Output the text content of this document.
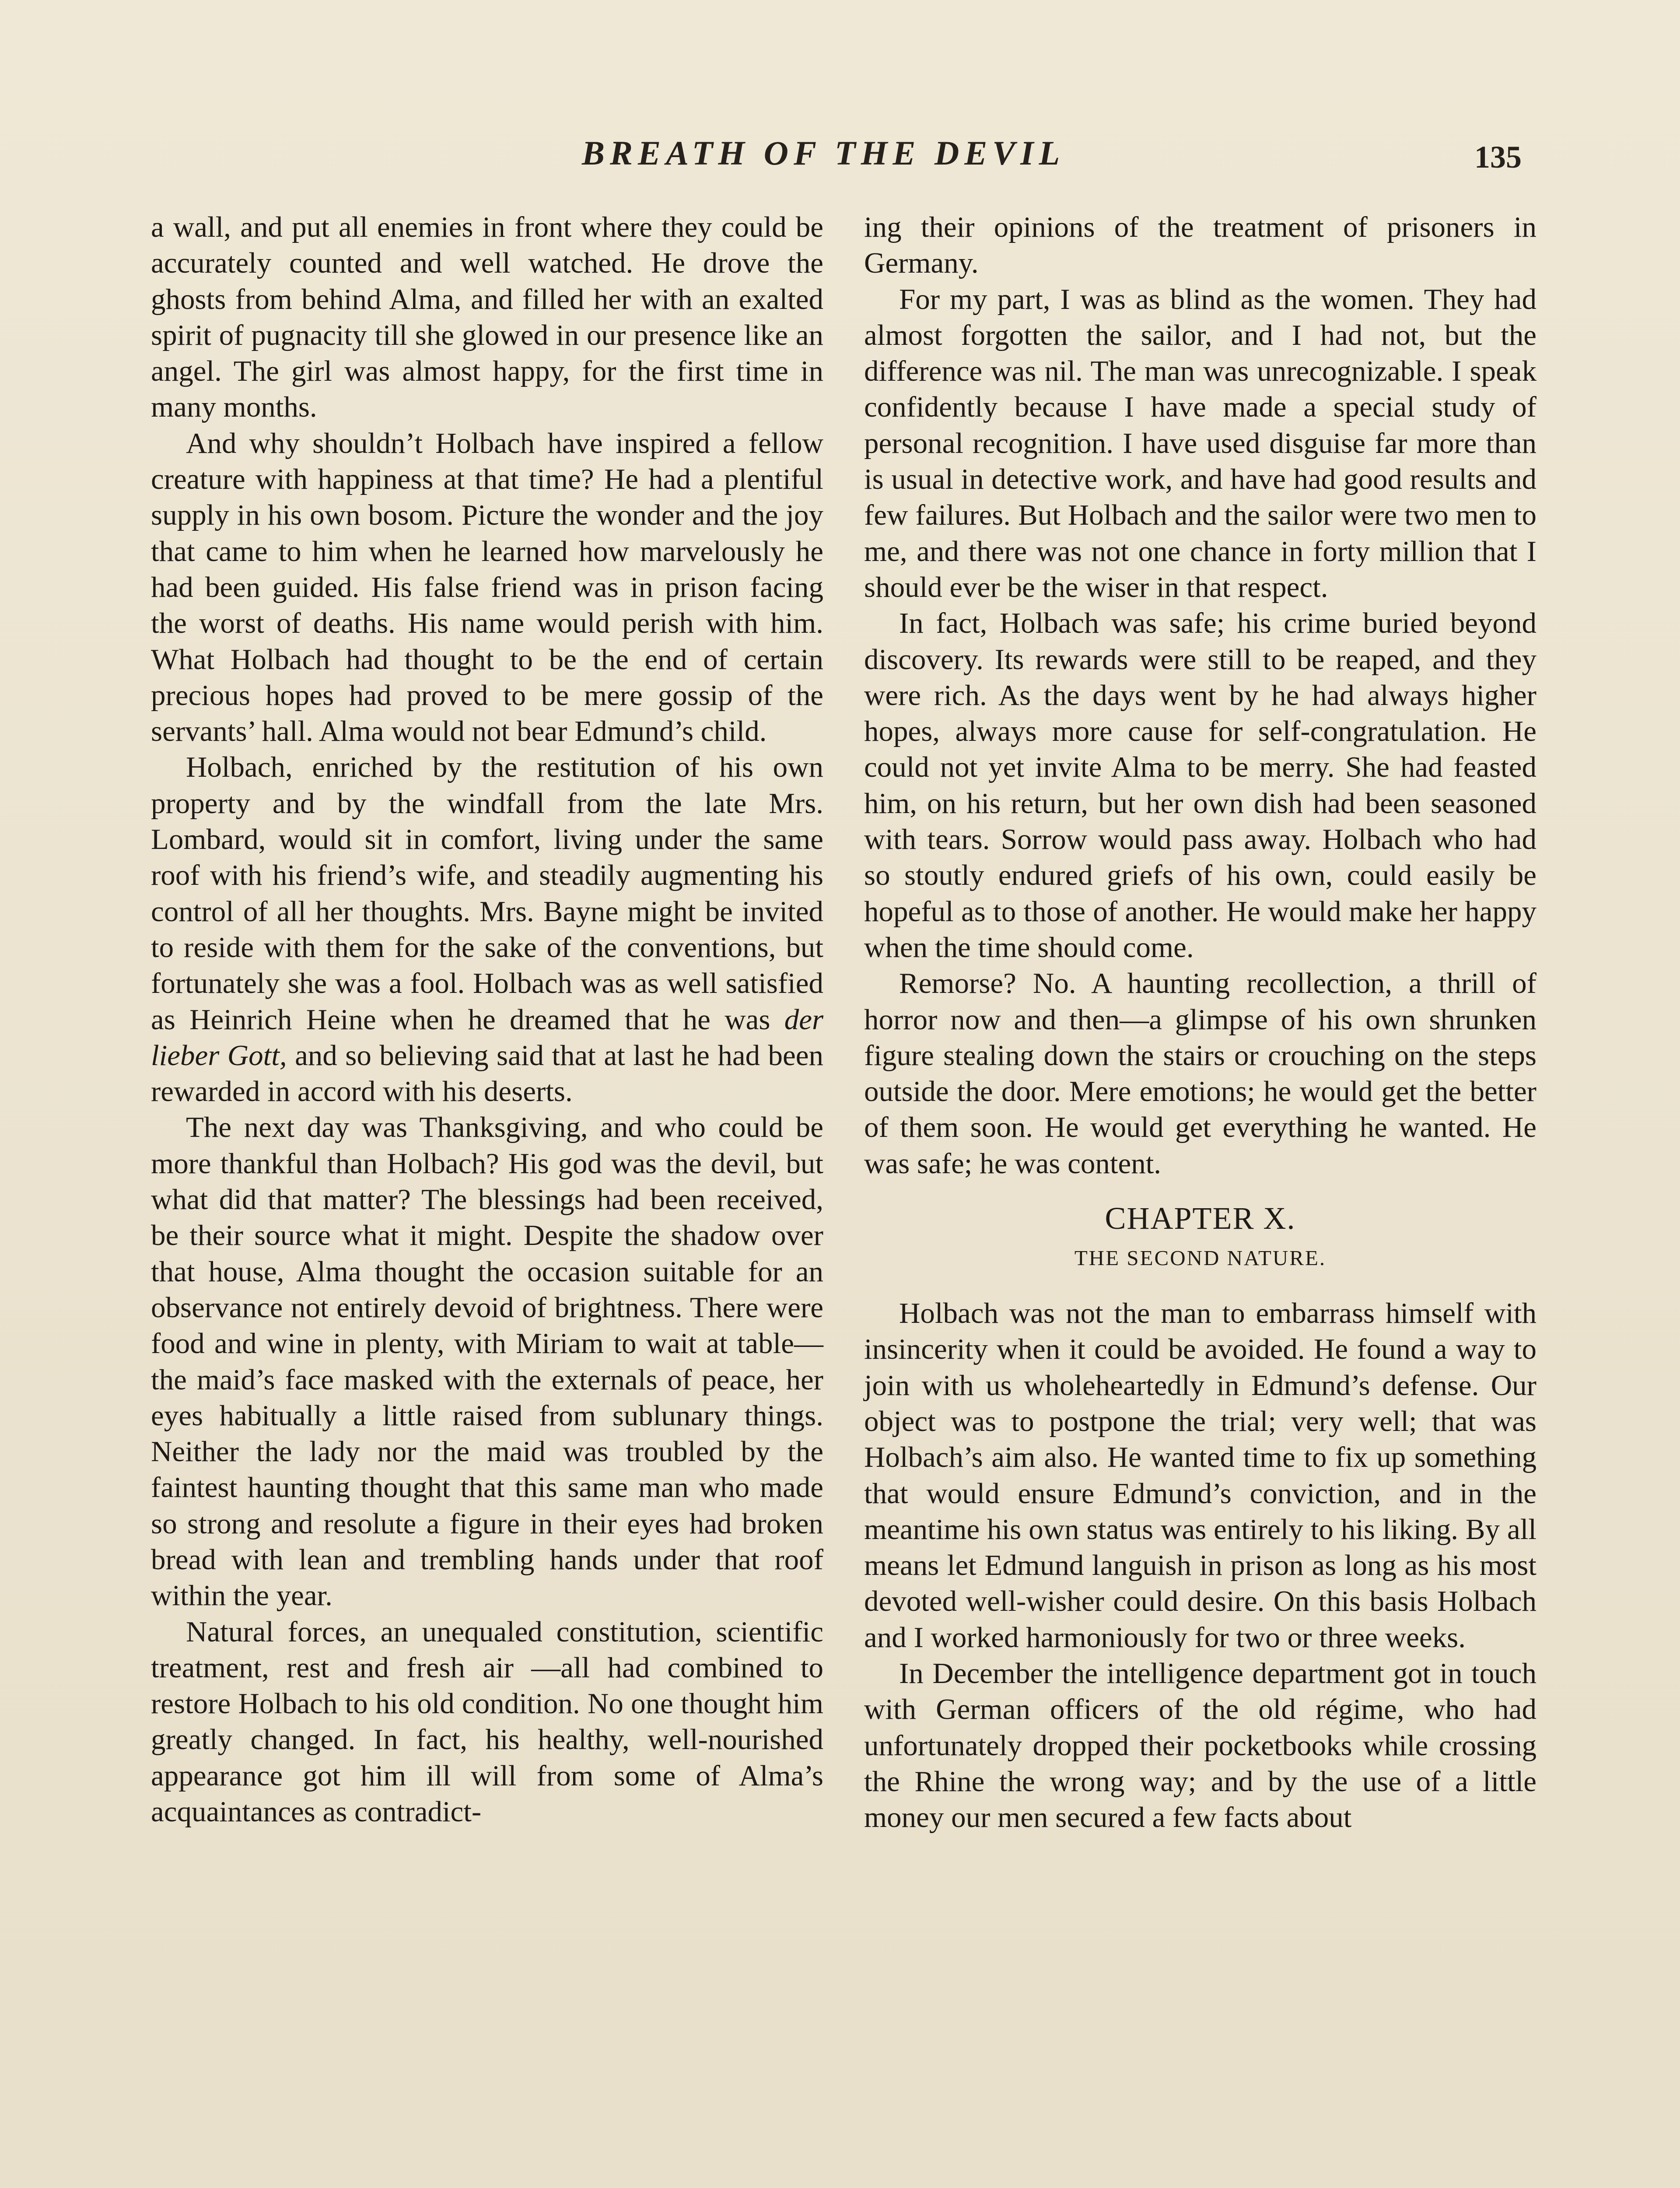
BREATH OF THE DEVIL	135

a wall, and put all enemies in front where they could be accurately counted and well watched. He drove the ghosts from behind Alma, and filled her with an exalted spirit of pugnacity till she glowed in our presence like an angel. The girl was almost happy, for the first time in many months.

And why shouldn’t Holbach have inspired a fellow creature with happiness at that time? He had a plentiful supply in his own bosom. Picture the wonder and the joy that came to him when he learned how marvelously he had been guided. His false friend was in prison facing the worst of deaths. His name would perish with him. What Holbach had thought to be the end of certain precious hopes had proved to be mere gossip of the servants’ hall. Alma would not bear Edmund’s child.

Holbach, enriched by the restitution of his own property and by the windfall from the late Mrs. Lombard, would sit in comfort, living under the same roof with his friend’s wife, and steadily augmenting his control of all her thoughts. Mrs. Bayne might be invited to reside with them for the sake of the conventions, but fortunately she was a fool. Holbach was as well satisfied as Heinrich Heine when he dreamed that he was der lieber Gott, and so believing said that at last he had been rewarded in accord with his deserts.

The next day was Thanksgiving, and who could be more thankful than Holbach? His god was the devil, but what did that matter? The blessings had been received, be their source what it might. Despite the shadow over that house, Alma thought the occasion suitable for an observance not entirely devoid of brightness. There were food and wine in plenty, with Miriam to wait at table—the maid’s face masked with the externals of peace, her eyes habitually a little raised from sublunary things. Neither the lady nor the maid was troubled by the faintest haunting thought that this same man who made so strong and resolute a figure in their eyes had broken bread with lean and trembling hands under that roof within the year.

Natural forces, an unequaled constitution, scientific treatment, rest and fresh air —all had combined to restore Holbach to his old condition. No one thought him greatly changed. In fact, his healthy, well-nourished appearance got him ill will from some of Alma’s acquaintances as contradict-

ing their opinions of the treatment of prisoners in Germany.

For my part, I was as blind as the women. They had almost forgotten the sailor, and I had not, but the difference was nil. The man was unrecognizable. I speak confidently because I have made a special study of personal recognition. I have used disguise far more than is usual in detective work, and have had good results and few failures. But Holbach and the sailor were two men to me, and there was not one chance in forty million that I should ever be the wiser in that respect.

In fact, Holbach was safe; his crime buried beyond discovery. Its rewards were still to be reaped, and they were rich. As the days went by he had always higher hopes, always more cause for self-congratulation. He could not yet invite Alma to be merry. She had feasted him, on his return, but her own dish had been seasoned with tears. Sorrow would pass away. Holbach who had so stoutly endured griefs of his own, could easily be hopeful as to those of another. He would make her happy when the time should come.

Remorse? No. A haunting recollection, a thrill of horror now and then—a glimpse of his own shrunken figure stealing down the stairs or crouching on the steps outside the door. Mere emotions; he would get the better of them soon. He would get everything he wanted. He was safe; he was content.

CHAPTER X.
THE SECOND NATURE.

Holbach was not the man to embarrass himself with insincerity when it could be avoided. He found a way to join with us wholeheartedly in Edmund’s defense. Our object was to postpone the trial; very well; that was Holbach’s aim also. He wanted time to fix up something that would ensure Edmund’s conviction, and in the meantime his own status was entirely to his liking. By all means let Edmund languish in prison as long as his most devoted well-wisher could desire. On this basis Holbach and I worked harmoniously for two or three weeks.

In December the intelligence department got in touch with German officers of the old régime, who had unfortunately dropped their pocketbooks while crossing the Rhine the wrong way; and by the use of a little money our men secured a few facts about
